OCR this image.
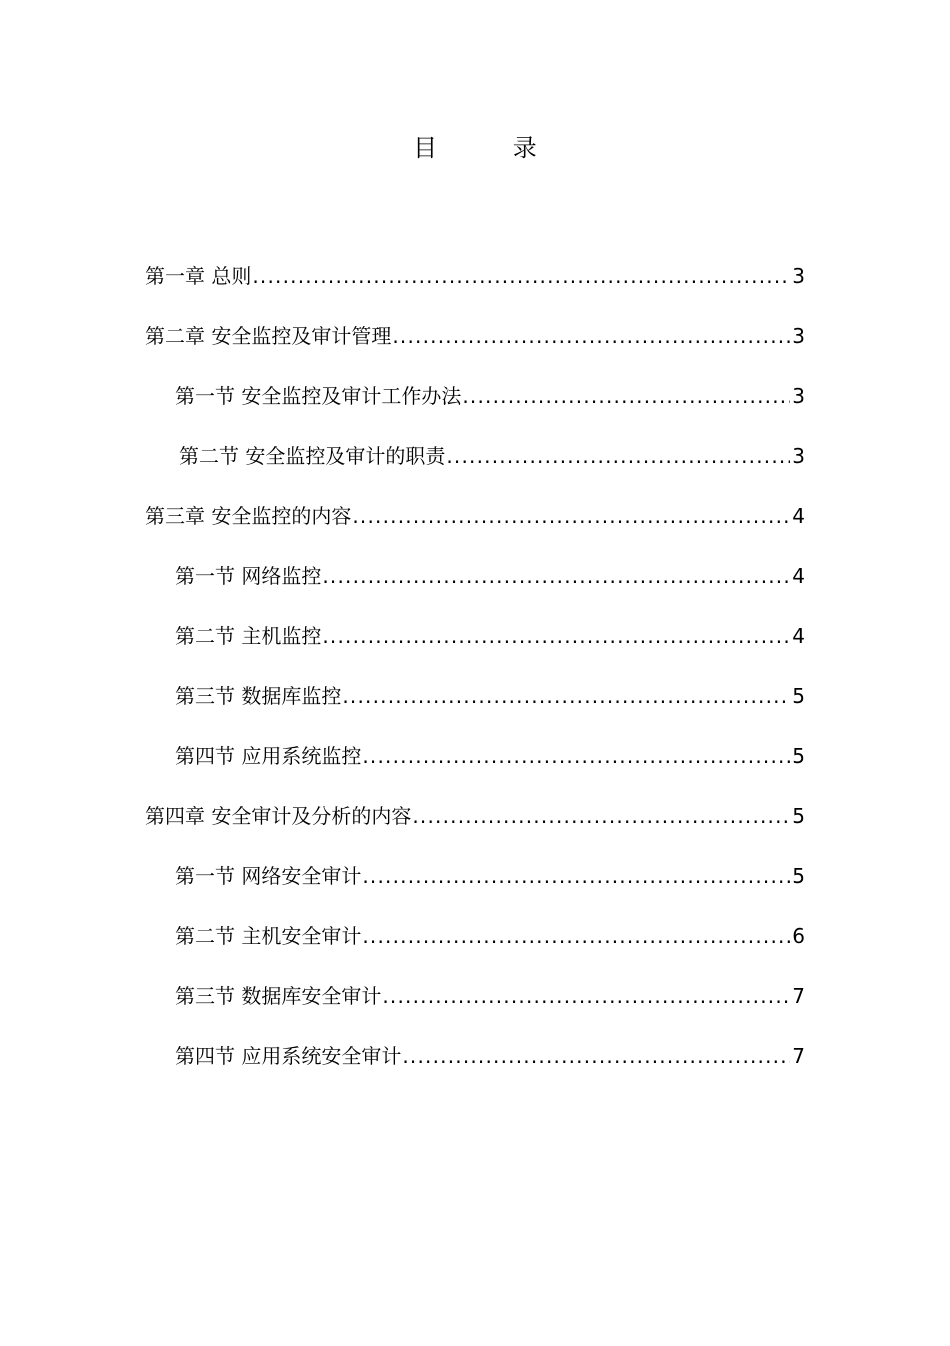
目 录
第一章 总则 .....	3
第二章 安全监控及审计管理 .....	3
第一节 安全监控及审计工作办法 .....	3
第二节 安全监控及审计的职责 .....	3
第三章 安全监控的内容 .....	4
第一节 网络监控 .....	4
第二节 主机监控 .....	4
第三节 数据库监控 .....	5
第四节 应用系统监控 .....	5
第四章 安全审计及分析的内容 .....	5
第一节 网络安全审计 .....	5
第二节 主机安全审计 .....	6
第三节 数据库安全审计 .....	7
第四节 应用系统安全审计 .....	7
